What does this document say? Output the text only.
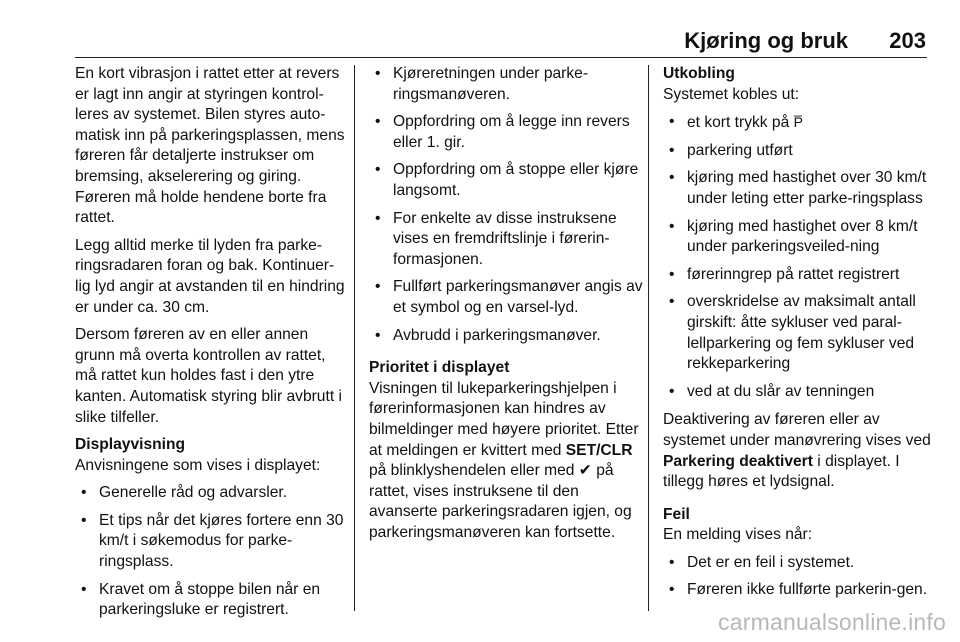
Kjøring og bruk 203

En kort vibrasjon i rattet etter at revers er lagt inn angir at styringen kontrol-leres av systemet. Bilen styres auto-matisk inn på parkeringsplassen, mens føreren får detaljerte instrukser om bremsing, akselerering og giring. Føreren må holde hendene borte fra rattet.

Legg alltid merke til lyden fra parke-ringsradaren foran og bak. Kontinuer-lig lyd angir at avstanden til en hindring er under ca. 30 cm.

Dersom føreren av en eller annen grunn må overta kontrollen av rattet, må rattet kun holdes fast i den ytre kanten. Automatisk styring blir avbrutt i slike tilfeller.

Displayvisning

Anvisningene som vises i displayet:

• Generelle råd og advarsler.
• Et tips når det kjøres fortere enn 30 km/t i søkemodus for parke-ringsplass.
• Kravet om å stoppe bilen når en parkeringsluke er registrert.
• Kjøreretningen under parke-ringsmanøveren.
• Oppfordring om å legge inn revers eller 1. gir.
• Oppfordring om å stoppe eller kjøre langsomt.
• For enkelte av disse instruksene vises en fremdriftslinje i førerin-formasjonen.
• Fullført parkeringsmanøver angis av et symbol og en varsel-lyd.
• Avbrudd i parkeringsmanøver.
Prioritet i displayet

Visningen til lukeparkeringshjelpen i førerinformasjonen kan hindres av bilmeldinger med høyere prioritet. Etter at meldingen er kvittert med SET/CLR på blinklyshendelen eller med ✔ på rattet, vises instruksene til den avanserte parkeringsradaren igjen, og parkeringsmanøveren kan fortsette.

Utkobling

Systemet kobles ut:

• et kort trykk på P̅
• parkering utført
• kjøring med hastighet over 30 km/t under leting etter parke-ringsplass
• kjøring med hastighet over 8 km/t under parkeringsveiled-ning
• førerinngrep på rattet registrert
• overskridelse av maksimalt antall girskift: åtte sykluser ved paral-lellparkering og fem sykluser ved rekkeparkering
• ved at du slår av tenningen

Deaktivering av føreren eller av systemet under manøvrering vises ved Parkering deaktivert i displayet. I tillegg høres et lydsignal.

Feil

En melding vises når:

• Det er en feil i systemet.
• Føreren ikke fullførte parkerin-gen.
carmanualsonline.info
